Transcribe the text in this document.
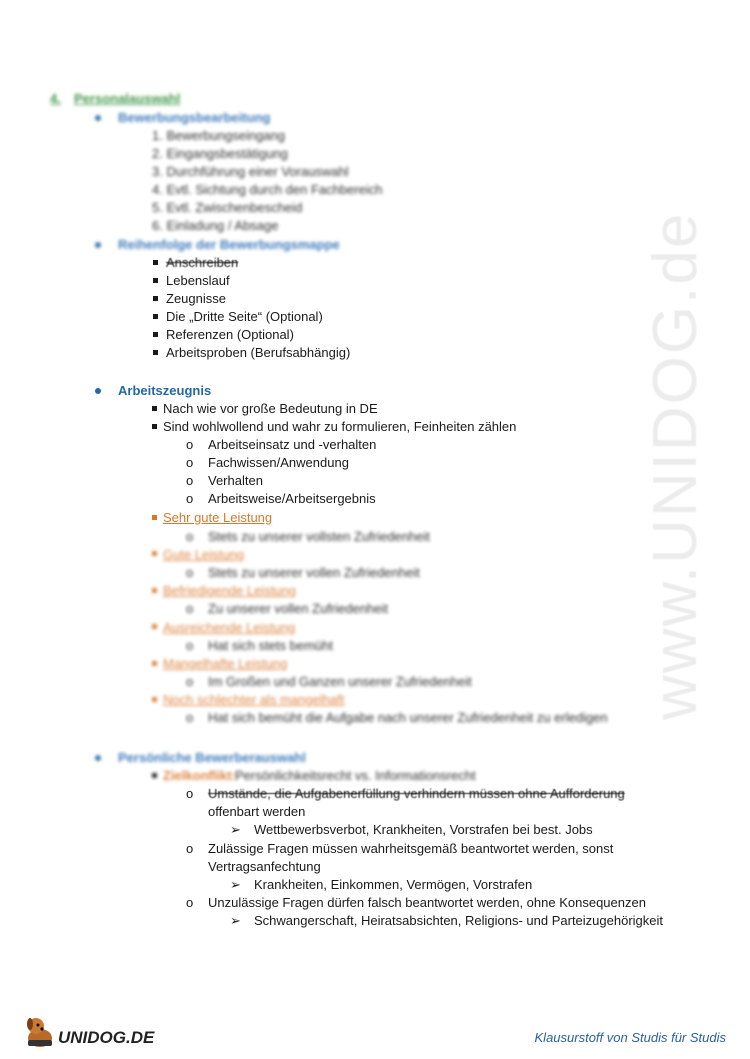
www.UNIDOG.de
4. Personalauswahl
Bewerbungsbearbeitung
1. Bewerbungseingang
2. Eingangsbestätigung
3. Durchführung einer Vorauswahl
4. Evtl. Sichtung durch den Fachbereich
5. Evtl. Zwischenbescheid
6. Einladung / Absage
Reihenfolge der Bewerbungsmappe
Anschreiben
Lebenslauf
Zeugnisse
Die „Dritte Seite“ (Optional)
Referenzen (Optional)
Arbeitsproben (Berufsabhängig)
Arbeitszeugnis
Nach wie vor große Bedeutung in DE
Sind wohlwollend und wahr zu formulieren, Feinheiten zählen
o Arbeitseinsatz und -verhalten
o Fachwissen/Anwendung
o Verhalten
o Arbeitsweise/Arbeitsergebnis
Sehr gute Leistung
o Stets zu unserer vollsten Zufriedenheit
Gute Leistung
o Stets zu unserer vollen Zufriedenheit
Befriedigende Leistung
o Zu unserer vollen Zufriedenheit
Ausreichende Leistung
o Hat sich stets bemüht
Mangelhafte Leistung
o Im Großen und Ganzen unserer Zufriedenheit
Noch schlechter als mangelhaft
o Hat sich bemüht die Aufgabe nach unserer Zufriedenheit zu erledigen
Persönliche Bewerberauswahl
Zielkonflikt: Persönlichkeitsrecht vs. Informationsrecht
o Umstände, die Aufgabenerfüllung verhindern müssen ohne Aufforderung
offenbart werden
➢ Wettbewerbsverbot, Krankheiten, Vorstrafen bei best. Jobs
o Zulässige Fragen müssen wahrheitsgemäß beantwortet werden, sonst
Vertragsanfechtung
➢ Krankheiten, Einkommen, Vermögen, Vorstrafen
o Unzulässige Fragen dürfen falsch beantwortet werden, ohne Konsequenzen
➢ Schwangerschaft, Heiratsabsichten, Religions- und Parteizugehörigkeit
UNIDOG.DE	Klausurstoff von Studis für Studis
